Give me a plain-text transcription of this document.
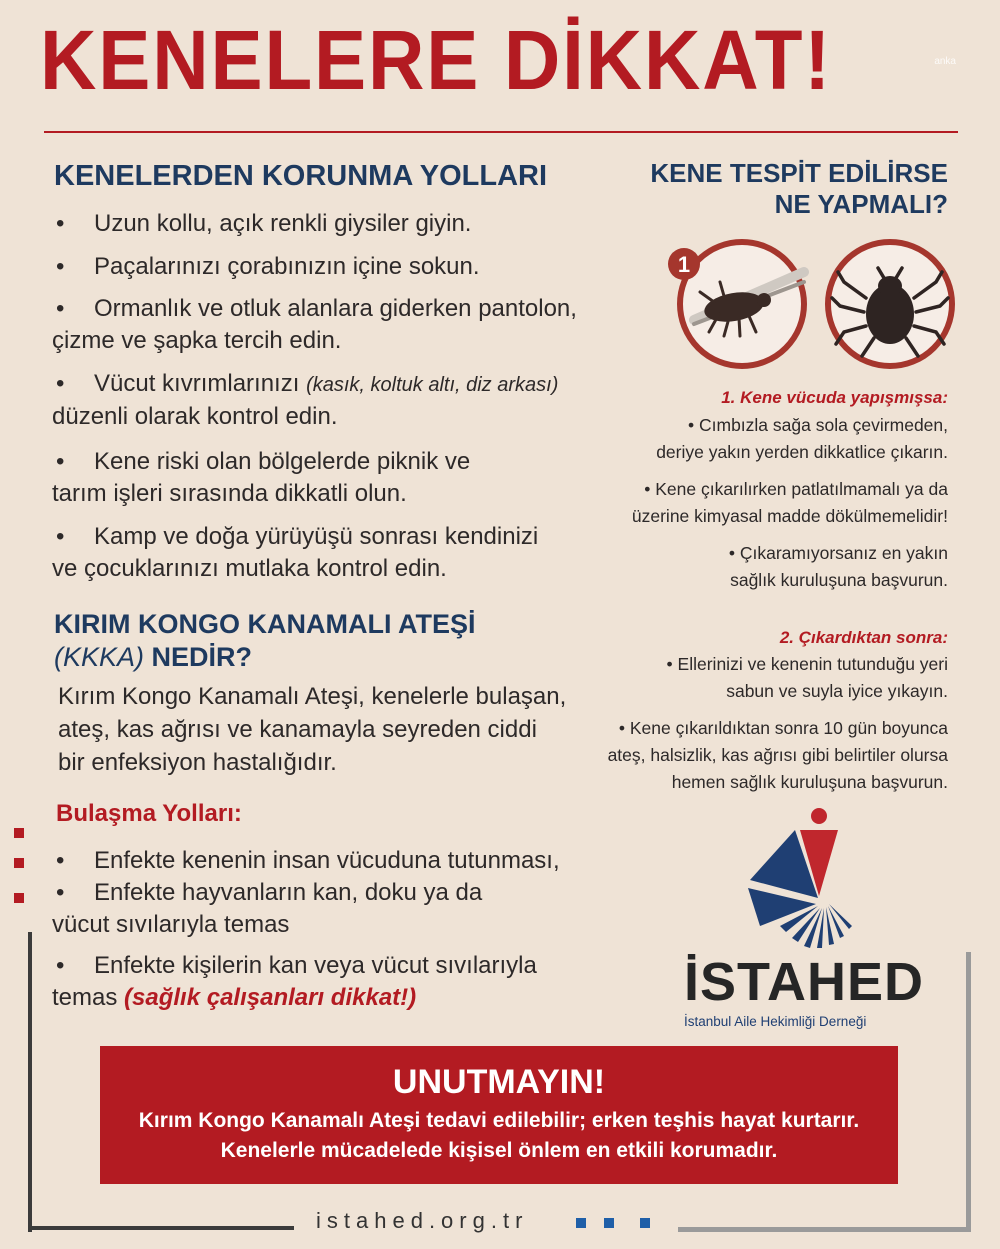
KENELERE DİKKAT!	anka
KENELERDEN KORUNMA YOLLARI
• Uzun kollu, açık renkli giysiler giyin.
• Paçalarınızı çorabınızın içine sokun.
• Ormanlık ve otluk alanlara giderken pantolon,
çizme ve şapka tercih edin.
• Vücut kıvrımlarınızı (kasık, koltuk altı, diz arkası)
düzenli olarak kontrol edin.
• Kene riski olan bölgelerde piknik ve
tarım işleri sırasında dikkatli olun.
• Kamp ve doğa yürüyüşü sonrası kendinizi
ve çocuklarınızı mutlaka kontrol edin.
KIRIM KONGO KANAMALI ATEŞİ
(KKKA) NEDİR?
Kırım Kongo Kanamalı Ateşi, kenelerle bulaşan,
ateş, kas ağrısı ve kanamayla seyreden ciddi
bir enfeksiyon hastalığıdır.
Bulaşma Yolları:
• Enfekte kenenin insan vücuduna tutunması,
• Enfekte hayvanların kan, doku ya da
vücut sıvılarıyla temas
• Enfekte kişilerin kan veya vücut sıvılarıyla
temas (sağlık çalışanları dikkat!)
KENE TESPİT EDİLİRSE
NE YAPMALI?
1
1. Kene vücuda yapışmışsa:
• Cımbızla sağa sola çevirmeden,
deriye yakın yerden dikkatlice çıkarın.
• Kene çıkarılırken patlatılmamalı ya da
üzerine kimyasal madde dökülmemelidir!
• Çıkaramıyorsanız en yakın
sağlık kuruluşuna başvurun.
2. Çıkardıktan sonra:
• Ellerinizi ve kenenin tutunduğu yeri
sabun ve suyla iyice yıkayın.
• Kene çıkarıldıktan sonra 10 gün boyunca
ateş, halsizlik, kas ağrısı gibi belirtiler olursa
hemen sağlık kuruluşuna başvurun.
İSTAHED
İstanbul Aile Hekimliği Derneği
UNUTMAYIN!
Kırım Kongo Kanamalı Ateşi tedavi edilebilir; erken teşhis hayat kurtarır.
Kenelerle mücadelede kişisel önlem en etkili korumadır.
istahed.org.tr
